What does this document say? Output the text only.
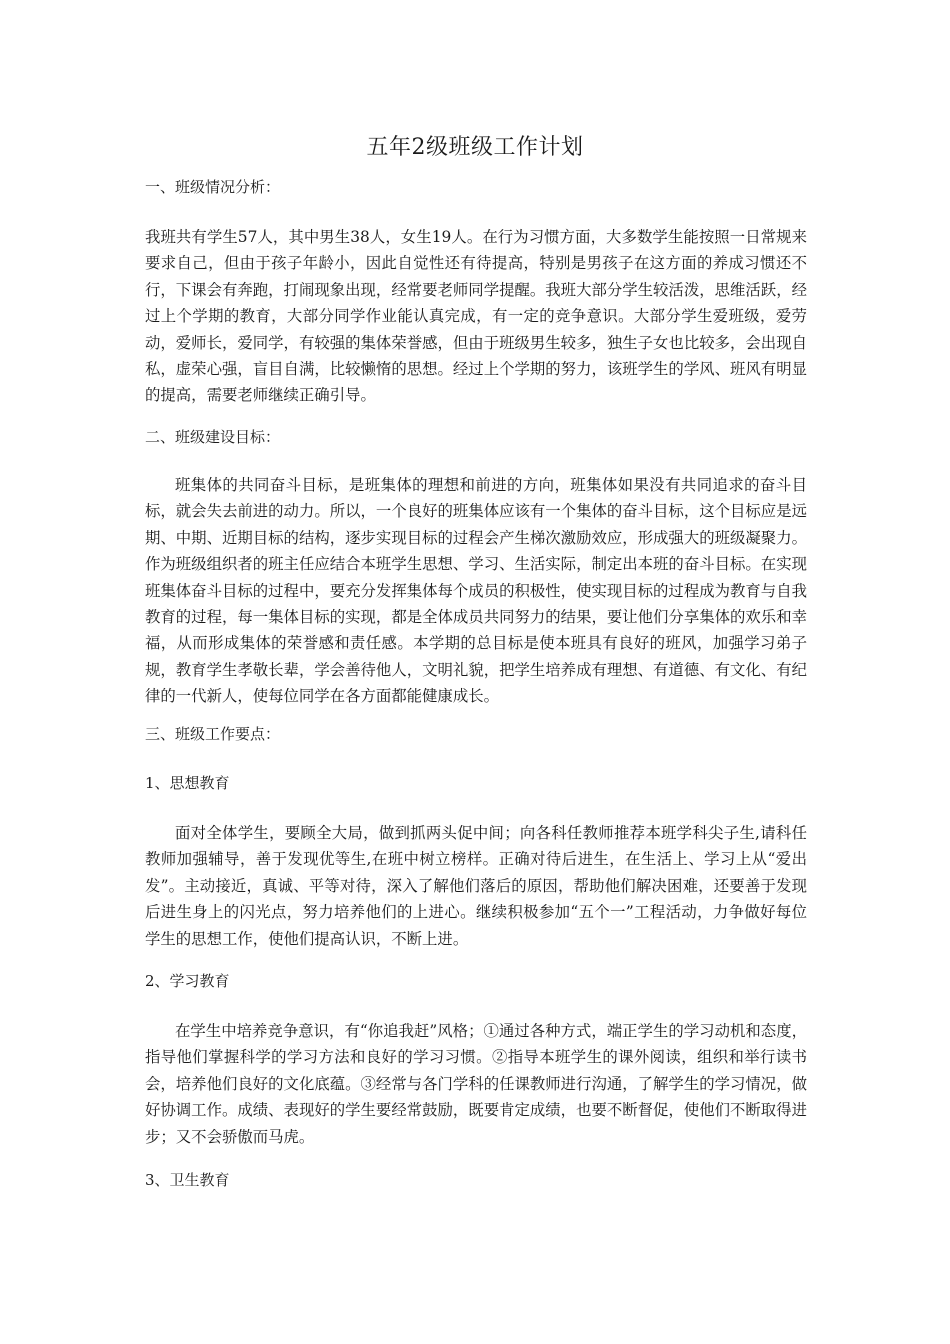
五年2级班级工作计划
一、班级情况分析：

我班共有学生57人，其中男生38人，女生19人。在行为习惯方面，大多数学生能按照一日常规来要求自己，但由于孩子年龄小，因此自觉性还有待提高，特别是男孩子在这方面的养成习惯还不行，下课会有奔跑，打闹现象出现，经常要老师同学提醒。我班大部分学生较活泼，思维活跃，经过上个学期的教育，大部分同学作业能认真完成，有一定的竞争意识。大部分学生爱班级，爱劳动，爱师长，爱同学，有较强的集体荣誉感，但由于班级男生较多，独生子女也比较多，会出现自私，虚荣心强，盲目自满，比较懒惰的思想。经过上个学期的努力，该班学生的学风、班风有明显的提高，需要老师继续正确引导。

二、班级建设目标：

班集体的共同奋斗目标，是班集体的理想和前进的方向，班集体如果没有共同追求的奋斗目标，就会失去前进的动力。所以，一个良好的班集体应该有一个集体的奋斗目标，这个目标应是远期、中期、近期目标的结构，逐步实现目标的过程会产生梯次激励效应，形成强大的班级凝聚力。作为班级组织者的班主任应结合本班学生思想、学习、生活实际，制定出本班的奋斗目标。在实现班集体奋斗目标的过程中，要充分发挥集体每个成员的积极性，使实现目标的过程成为教育与自我教育的过程，每一集体目标的实现，都是全体成员共同努力的结果，要让他们分享集体的欢乐和幸福，从而形成集体的荣誉感和责任感。本学期的总目标是使本班具有良好的班风，加强学习弟子规，教育学生孝敬长辈，学会善待他人，文明礼貌，把学生培养成有理想、有道德、有文化、有纪律的一代新人，使每位同学在各方面都能健康成长。

三、班级工作要点：
1、思想教育

面对全体学生，要顾全大局，做到抓两头促中间；向各科任教师推荐本班学科尖子生,请科任教师加强辅导，善于发现优等生,在班中树立榜样。正确对待后进生，在生活上、学习上从“爱出发”。主动接近，真诚、平等对待，深入了解他们落后的原因，帮助他们解决困难，还要善于发现后进生身上的闪光点，努力培养他们的上进心。继续积极参加“五个一”工程活动，力争做好每位学生的思想工作，使他们提高认识，不断上进。

2、学习教育

在学生中培养竞争意识，有“你追我赶”风格；①通过各种方式，端正学生的学习动机和态度，指导他们掌握科学的学习方法和良好的学习习惯。②指导本班学生的课外阅读，组织和举行读书会，培养他们良好的文化底蕴。③经常与各门学科的任课教师进行沟通，了解学生的学习情况，做好协调工作。成绩、表现好的学生要经常鼓励，既要肯定成绩，也要不断督促，使他们不断取得进步；又不会骄傲而马虎。

3、卫生教育
